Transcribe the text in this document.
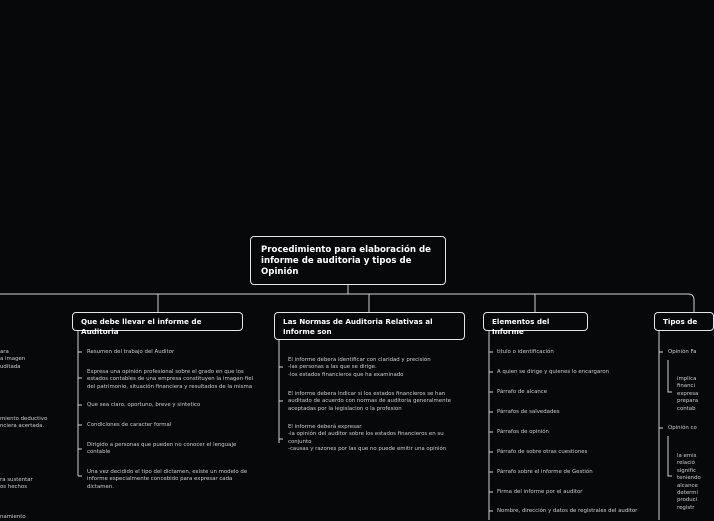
Procedimiento para elaboración de informe de auditoria y tipos de Opinión
Que debe llevar el informe de Auditoria
Resumen del trabajo del Auditor
Expresa una opinión profesional sobre el grado en que los estados contables de una empresa constituyen la imagen fiel del patrimonio, situación financiera y resultados de la misma
Que sea claro, oportuno, breve y sintetico
Condiciones de caracter formal
Dirigido a personas que pueden no conocer el lenguaje contable
Una vez decidido el tipo del dictamen, existe un modelo de informe especialmente concebido para expresar cada dictamen.
Las Normas de Auditoria Relativas al Informe son
El informe debera identificar con claridad y precisión
-las personas a las que se dirige.
-los estados financieros que ha examinado
El informe debera indicar si los estados financieros se han auditado de acuerdo con normas de auditoria generalmente aceptadas por la legislacion o la profesion
El informe deberá expresar
-la opinión del auditor sobre los estados financieros en su conjunto
-causas y razones por las que no puede emitir una opinión
Elementos del Informe
titulo o identificación
A quien se dirige y quienes lo encargaron
Párrafo de alcance
Párrafos de salvedades
Párrafos de opinión
Párrafo de sobre otras cuestiones
Párrafo sobre el informe de Gestión
Firma del informe por el auditor
Nombre, dirección y datos de registrales del auditor
Tipos de
Opinión Fa
implica
financi
expresa
prepara
contab
Opinión co
la emis
relació
signific
teniendo
alcance
determi
produci
registr
ara
a imagen
uditada
miento deductivo
nciera acertada.
ra sustentar
os hechos
namiento
